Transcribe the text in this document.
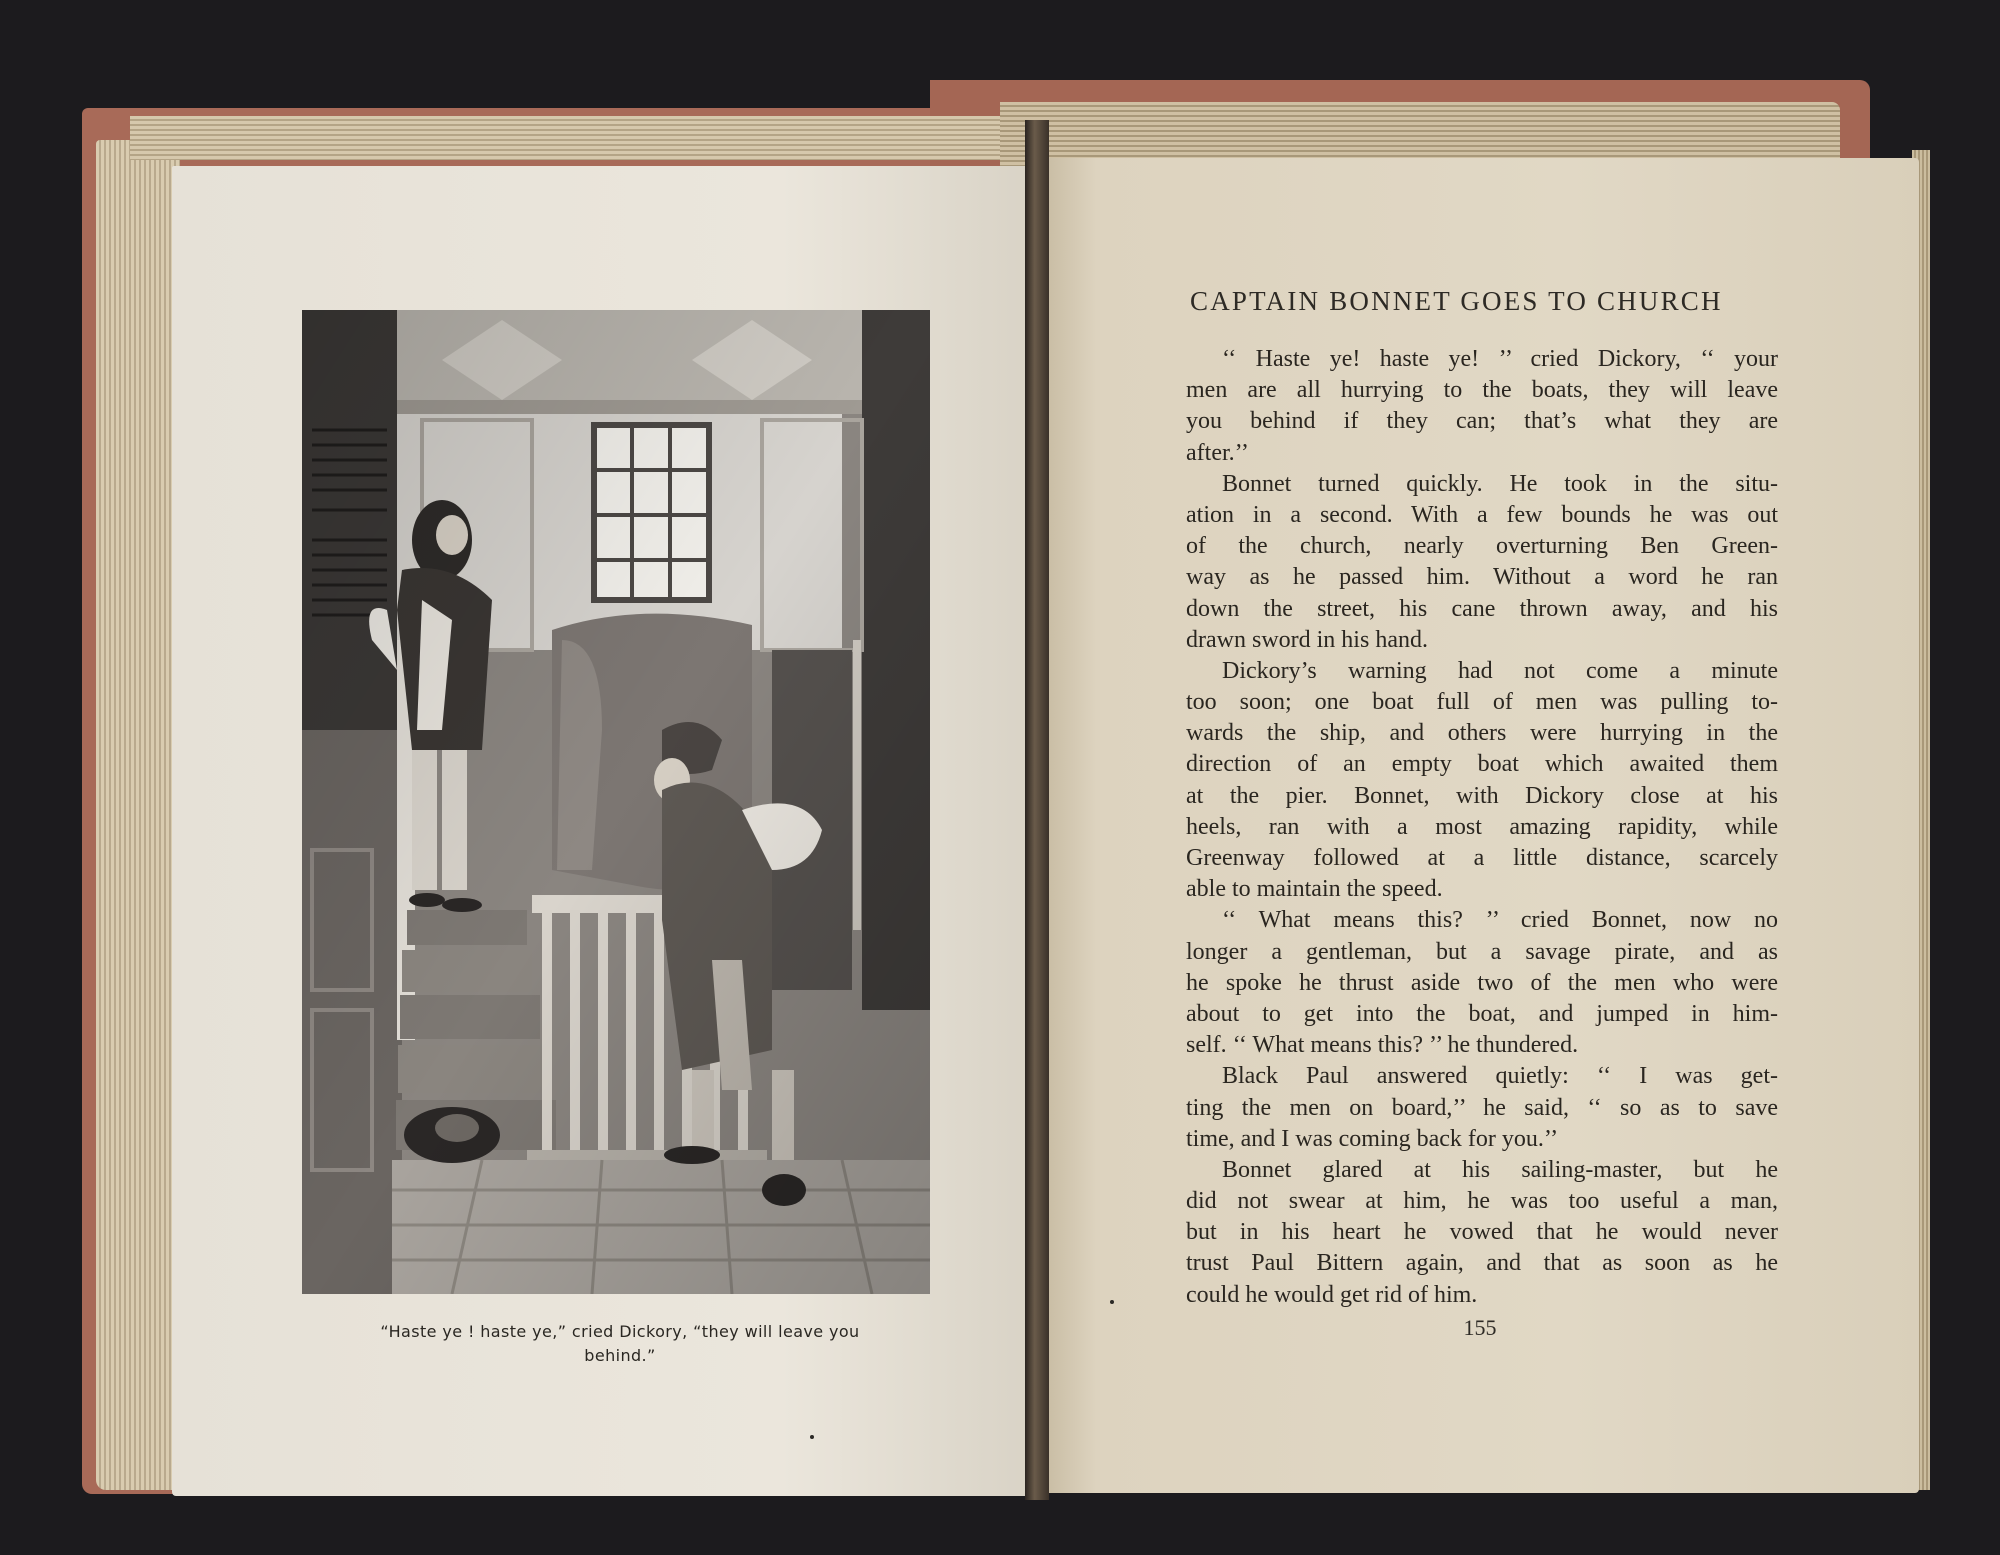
“Haste ye ! haste ye,” cried Dickory, “they will leave you
behind.”
CAPTAIN BONNET GOES TO CHURCH
‘‘ Haste ye! haste ye! ’’ cried Dickory, ‘‘ your
men are all hurrying to the boats, they will leave
you behind if they can; that’s what they are
after.’’
Bonnet turned quickly. He took in the situ-
ation in a second. With a few bounds he was out
of the church, nearly overturning Ben Green-
way as he passed him. Without a word he ran
down the street, his cane thrown away, and his
drawn sword in his hand.
Dickory’s warning had not come a minute
too soon; one boat full of men was pulling to-
wards the ship, and others were hurrying in the
direction of an empty boat which awaited them
at the pier. Bonnet, with Dickory close at his
heels, ran with a most amazing rapidity, while
Greenway followed at a little distance, scarcely
able to maintain the speed.
‘‘ What means this? ’’ cried Bonnet, now no
longer a gentleman, but a savage pirate, and as
he spoke he thrust aside two of the men who were
about to get into the boat, and jumped in him-
self. ‘‘ What means this? ’’ he thundered.
Black Paul answered quietly: ‘‘ I was get-
ting the men on board,’’ he said, ‘‘ so as to save
time, and I was coming back for you.’’
Bonnet glared at his sailing-master, but he
did not swear at him, he was too useful a man,
but in his heart he vowed that he would never
trust Paul Bittern again, and that as soon as he
could he would get rid of him.
155
